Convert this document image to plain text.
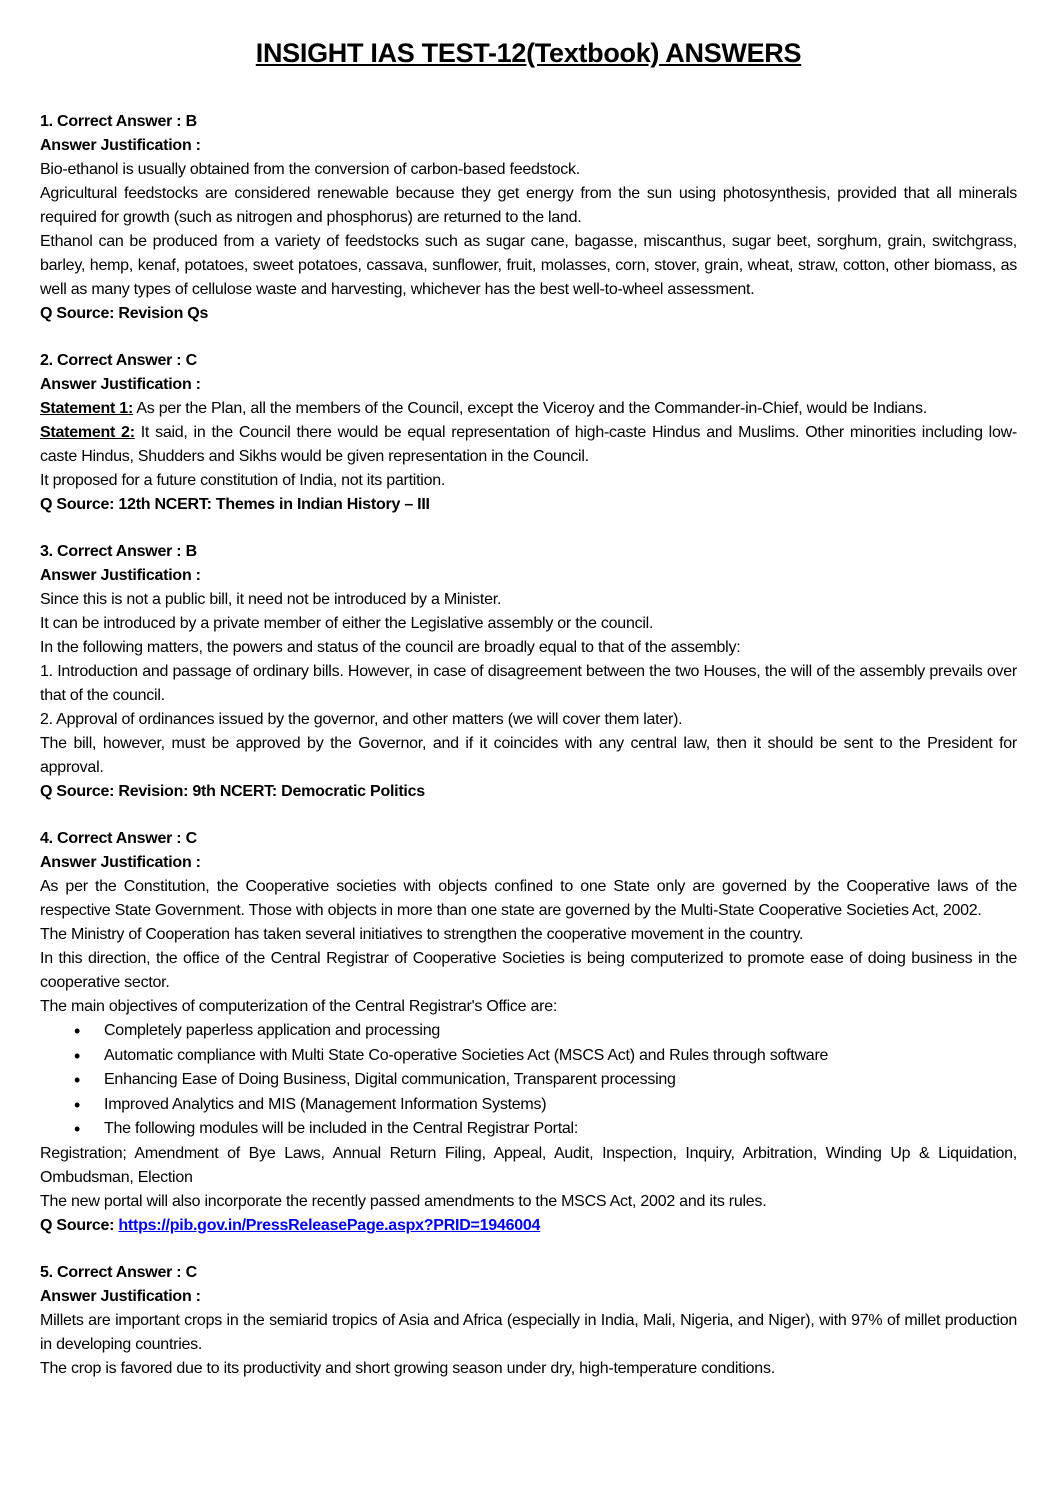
INSIGHT IAS TEST-12(Textbook) ANSWERS
1. Correct Answer : B
Answer Justification :
Bio-ethanol is usually obtained from the conversion of carbon-based feedstock.
Agricultural feedstocks are considered renewable because they get energy from the sun using photosynthesis, provided that all minerals required for growth (such as nitrogen and phosphorus) are returned to the land.
Ethanol can be produced from a variety of feedstocks such as sugar cane, bagasse, miscanthus, sugar beet, sorghum, grain, switchgrass, barley, hemp, kenaf, potatoes, sweet potatoes, cassava, sunflower, fruit, molasses, corn, stover, grain, wheat, straw, cotton, other biomass, as well as many types of cellulose waste and harvesting, whichever has the best well-to-wheel assessment.
Q Source: Revision Qs
2. Correct Answer : C
Answer Justification :
Statement 1: As per the Plan, all the members of the Council, except the Viceroy and the Commander-in-Chief, would be Indians.
Statement 2: It said, in the Council there would be equal representation of high-caste Hindus and Muslims. Other minorities including low-caste Hindus, Shudders and Sikhs would be given representation in the Council.
It proposed for a future constitution of India, not its partition.
Q Source: 12th NCERT: Themes in Indian History – III
3. Correct Answer : B
Answer Justification :
Since this is not a public bill, it need not be introduced by a Minister.
It can be introduced by a private member of either the Legislative assembly or the council.
In the following matters, the powers and status of the council are broadly equal to that of the assembly:
1. Introduction and passage of ordinary bills. However, in case of disagreement between the two Houses, the will of the assembly prevails over that of the council.
2. Approval of ordinances issued by the governor, and other matters (we will cover them later).
The bill, however, must be approved by the Governor, and if it coincides with any central law, then it should be sent to the President for approval.
Q Source: Revision: 9th NCERT: Democratic Politics
4. Correct Answer : C
Answer Justification :
As per the Constitution, the Cooperative societies with objects confined to one State only are governed by the Cooperative laws of the respective State Government. Those with objects in more than one state are governed by the Multi-State Cooperative Societies Act, 2002.
The Ministry of Cooperation has taken several initiatives to strengthen the cooperative movement in the country.
In this direction, the office of the Central Registrar of Cooperative Societies is being computerized to promote ease of doing business in the cooperative sector.
The main objectives of computerization of the Central Registrar's Office are:
• Completely paperless application and processing
• Automatic compliance with Multi State Co-operative Societies Act (MSCS Act) and Rules through software
• Enhancing Ease of Doing Business, Digital communication, Transparent processing
• Improved Analytics and MIS (Management Information Systems)
• The following modules will be included in the Central Registrar Portal:
Registration; Amendment of Bye Laws, Annual Return Filing, Appeal, Audit, Inspection, Inquiry, Arbitration, Winding Up & Liquidation, Ombudsman, Election
The new portal will also incorporate the recently passed amendments to the MSCS Act, 2002 and its rules.
Q Source: https://pib.gov.in/PressReleasePage.aspx?PRID=1946004
5. Correct Answer : C
Answer Justification :
Millets are important crops in the semiarid tropics of Asia and Africa (especially in India, Mali, Nigeria, and Niger), with 97% of millet production in developing countries.
The crop is favored due to its productivity and short growing season under dry, high-temperature conditions.
